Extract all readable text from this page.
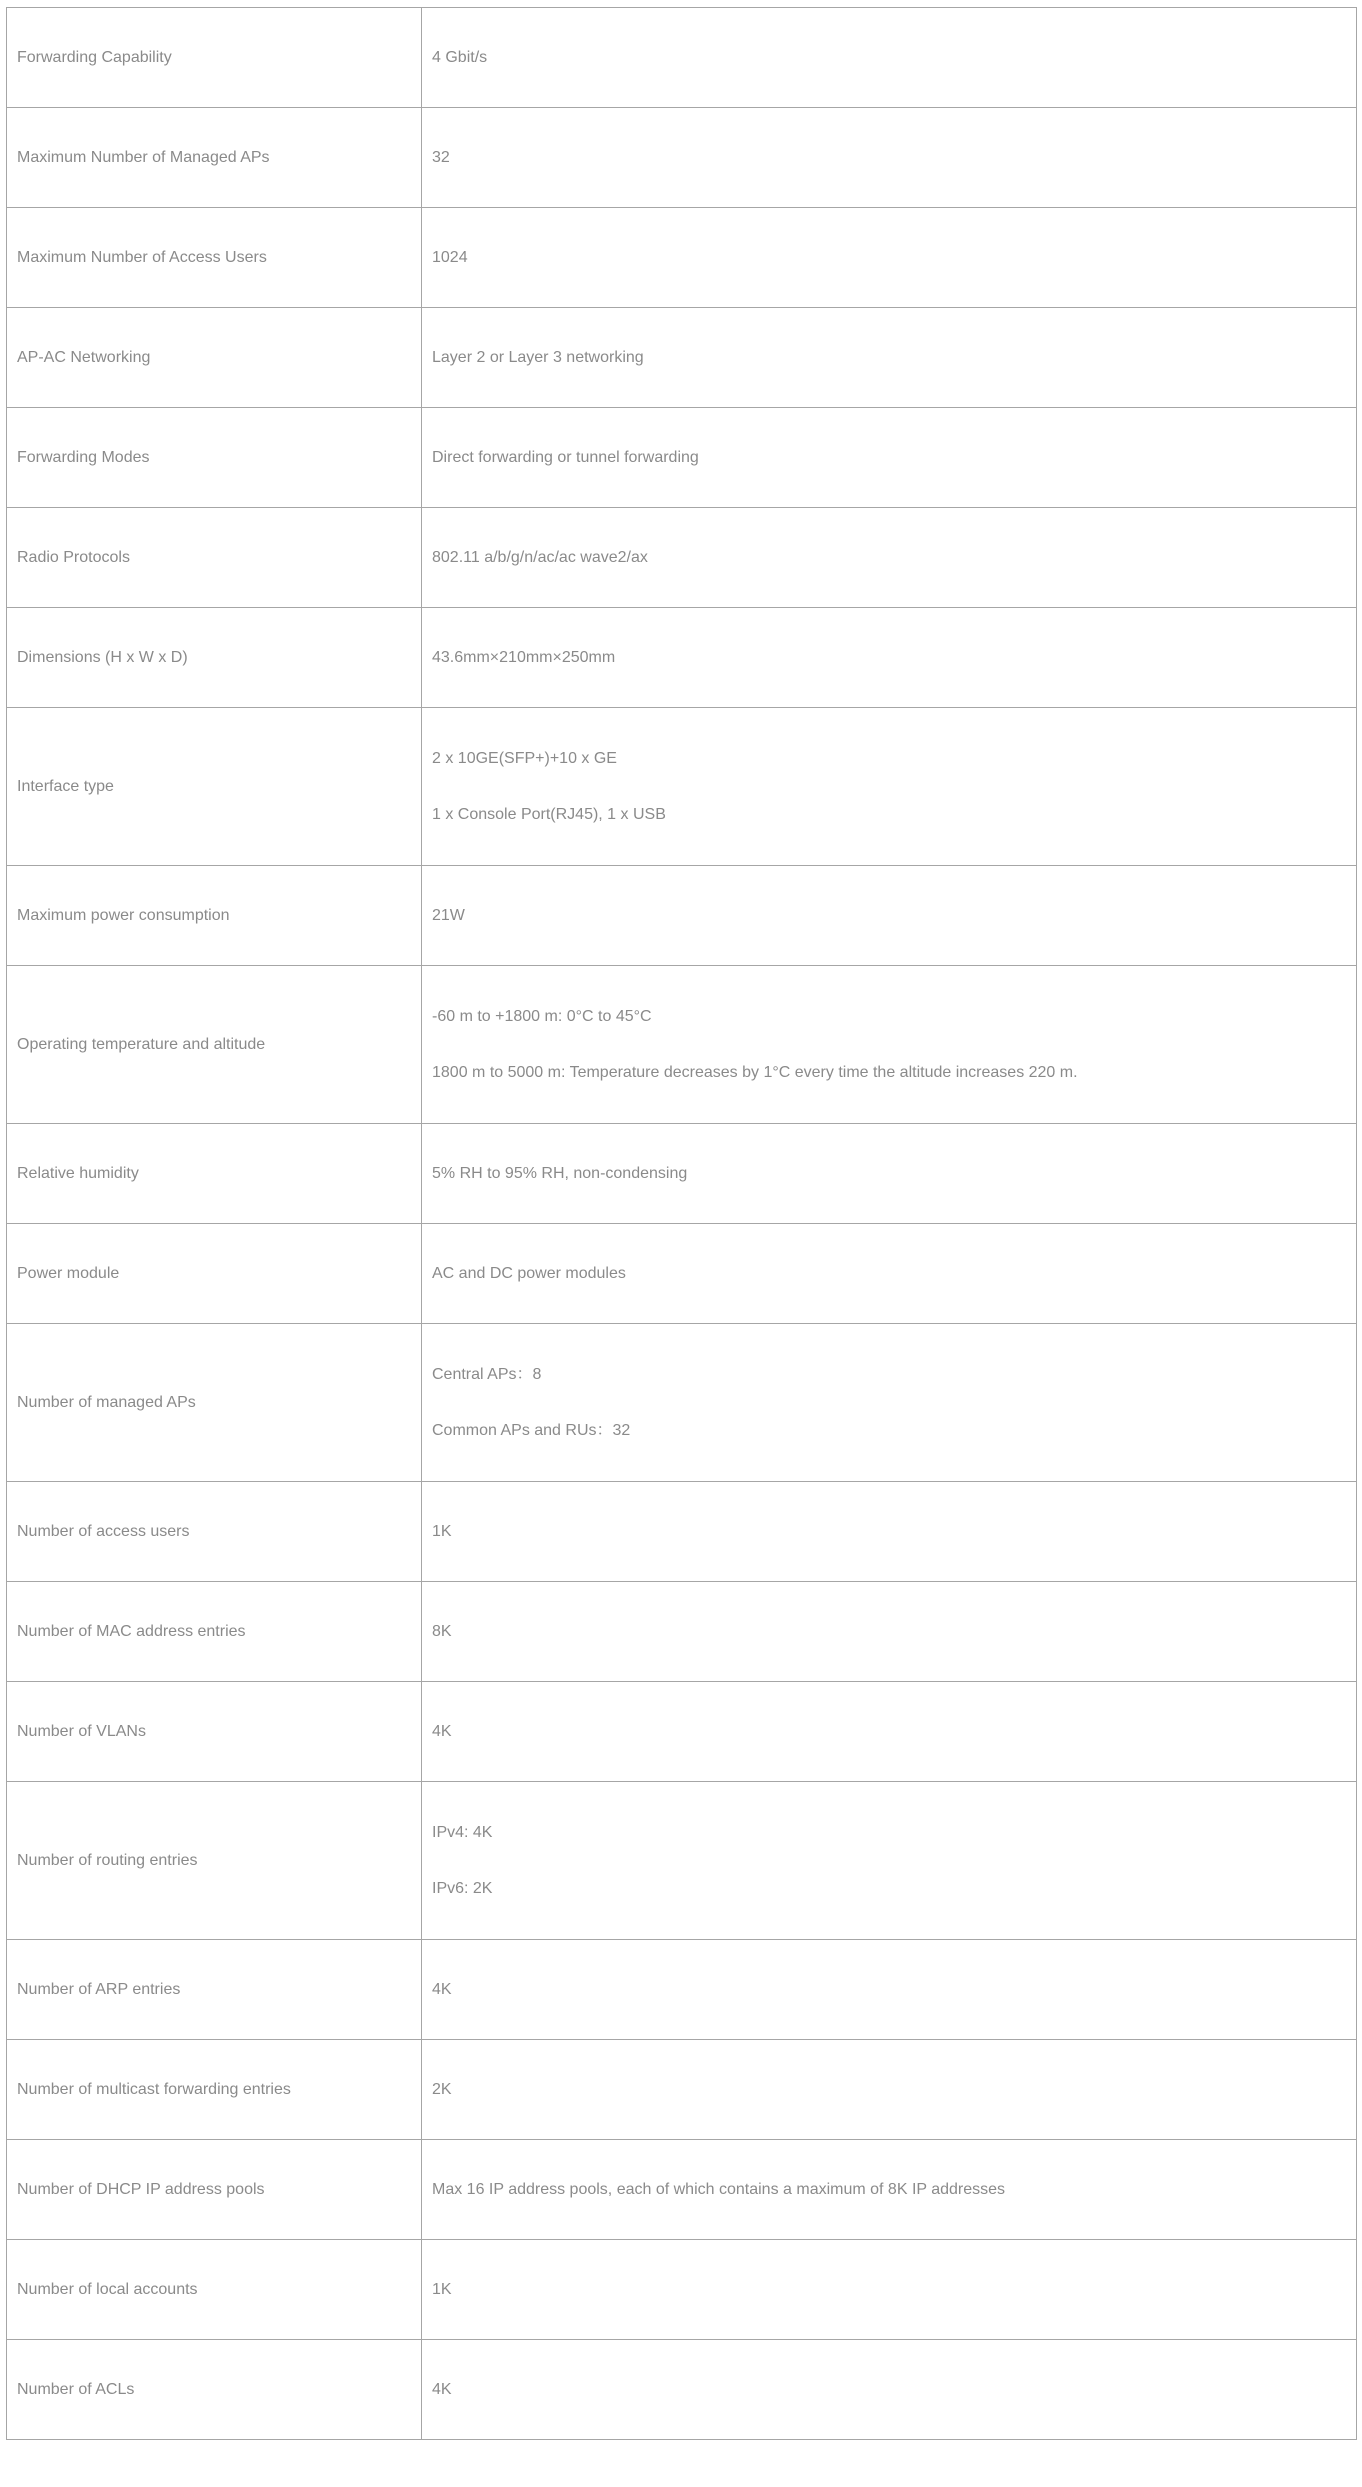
Forwarding Capability	4 Gbit/s

Maximum Number of Managed APs	32

Maximum Number of Access Users	1024

AP-AC Networking	Layer 2 or Layer 3 networking

Forwarding Modes	Direct forwarding or tunnel forwarding

Radio Protocols	802.11 a/b/g/n/ac/ac wave2/ax

Dimensions (H x W x D)	43.6mm×210mm×250mm

Interface type	2 x 10GE(SFP+)+10 x GE
1 x Console Port(RJ45), 1 x USB

Maximum power consumption	21W

Operating temperature and altitude	-60 m to +1800 m: 0°C to 45°C
1800 m to 5000 m: Temperature decreases by 1°C every time the altitude increases 220 m.

Relative humidity	5% RH to 95% RH, non-condensing

Power module	AC and DC power modules

Number of managed APs	Central APs：8
Common APs and RUs：32

Number of access users	1K

Number of MAC address entries	8K

Number of VLANs	4K

Number of routing entries	IPv4: 4K
IPv6: 2K

Number of ARP entries	4K

Number of multicast forwarding entries	2K

Number of DHCP IP address pools	Max 16 IP address pools, each of which contains a maximum of 8K IP addresses

Number of local accounts	1K

Number of ACLs	4K
